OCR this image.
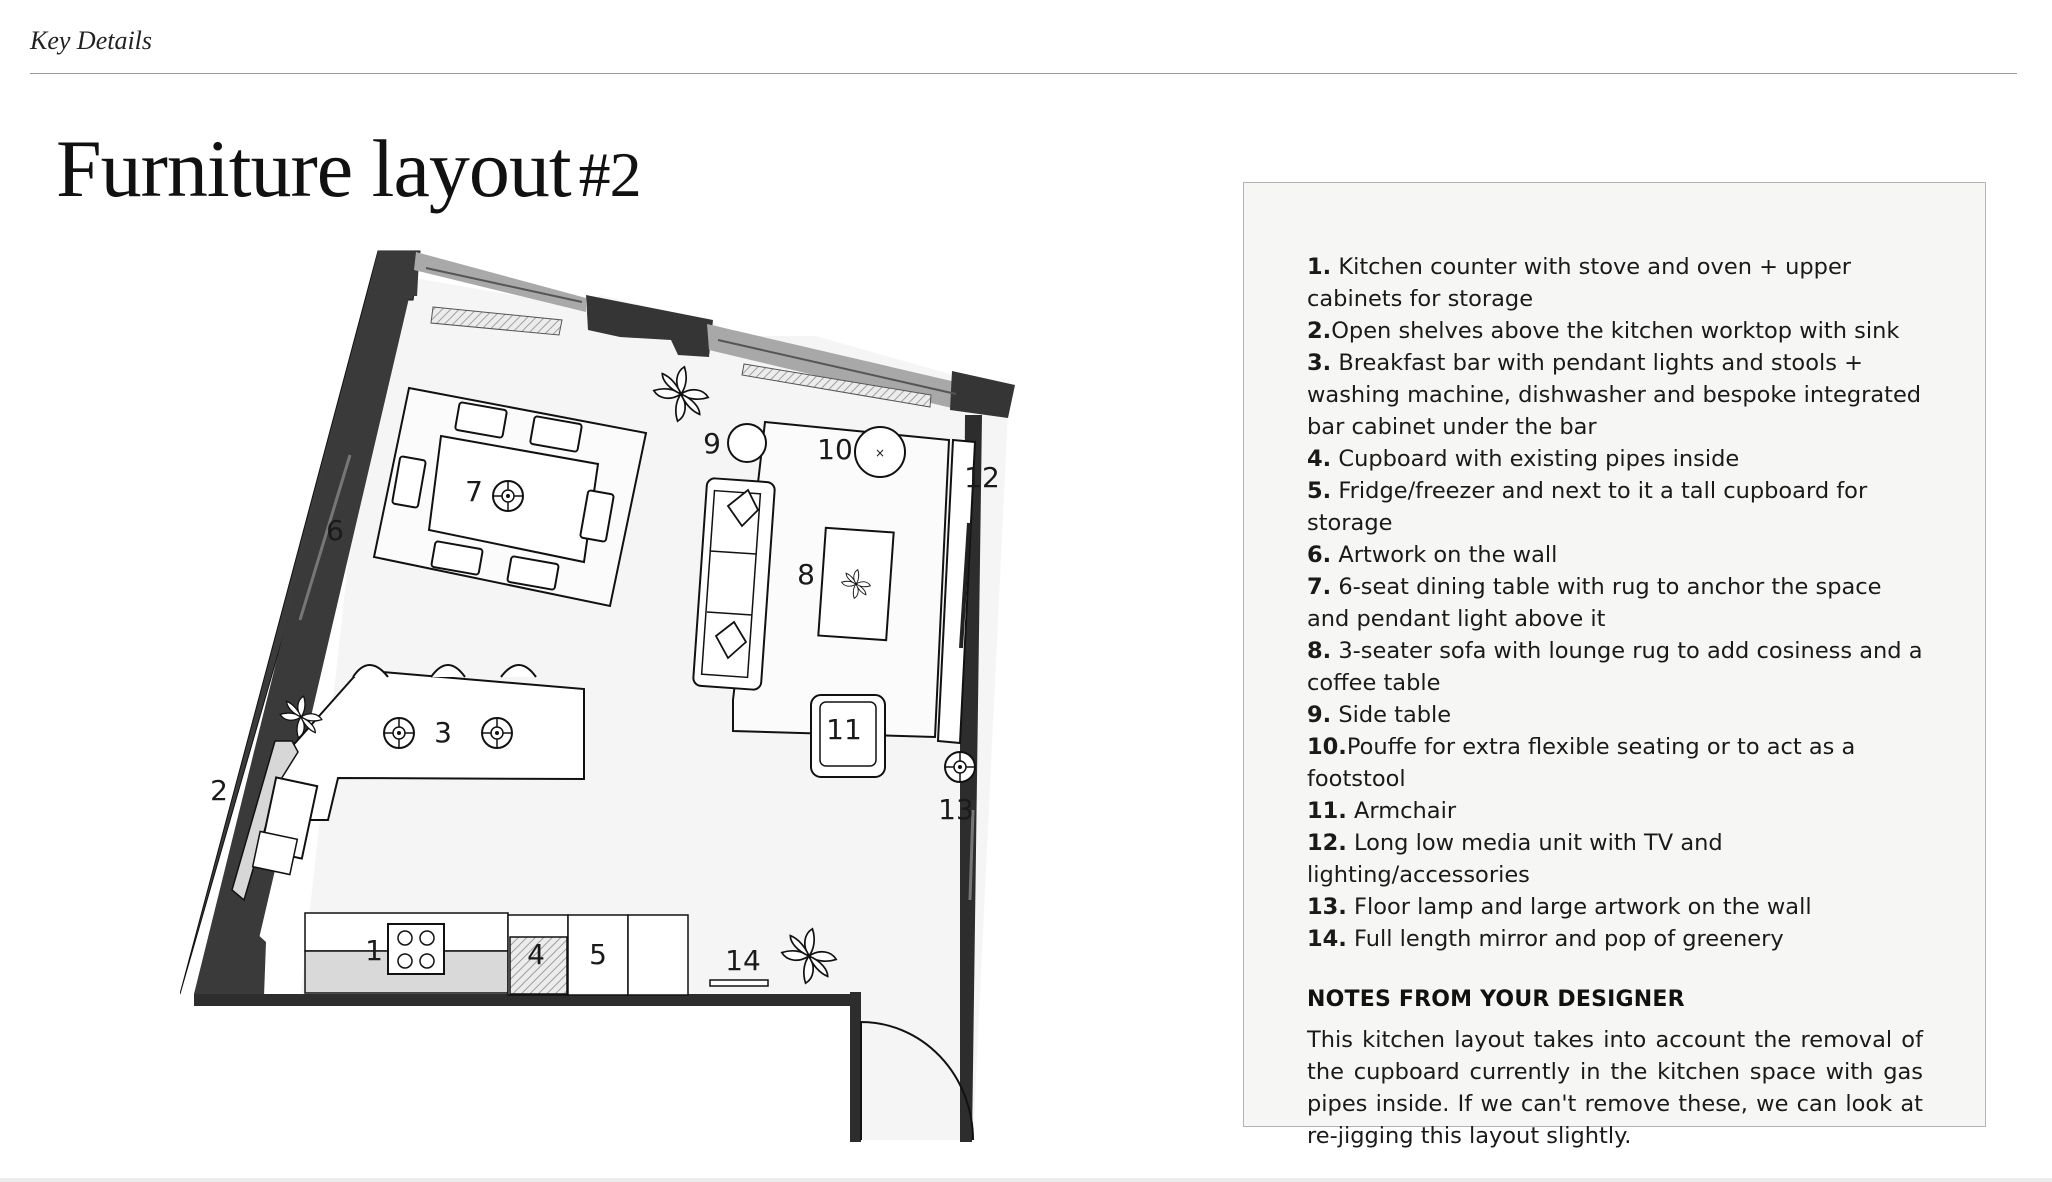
Key Details
Furniture layout #2
×
1
2
3
4 5
6
7
8
9	10
11
12
13
14
1. Kitchen counter with stove and oven + upper cabinets for storage
2.Open shelves above the kitchen worktop with sink
3. Breakfast bar with pendant lights and stools + washing machine, dishwasher and bespoke integrated bar cabinet under the bar
4. Cupboard with existing pipes inside
5. Fridge/freezer and next to it a tall cupboard for storage
6. Artwork on the wall
7. 6-seat dining table with rug to anchor the space and pendant light above it
8. 3-seater sofa with lounge rug to add cosiness and a coffee table
9. Side table
10.Pouffe for extra flexible seating or to act as a footstool
11. Armchair
12. Long low media unit with TV and lighting/accessories
13. Floor lamp and large artwork on the wall
14. Full length mirror and pop of greenery
NOTES FROM YOUR DESIGNER

This kitchen layout takes into account the removal of the cupboard currently in the kitchen space with gas pipes inside. If we can't remove these, we can look at re-jigging this layout slightly.
